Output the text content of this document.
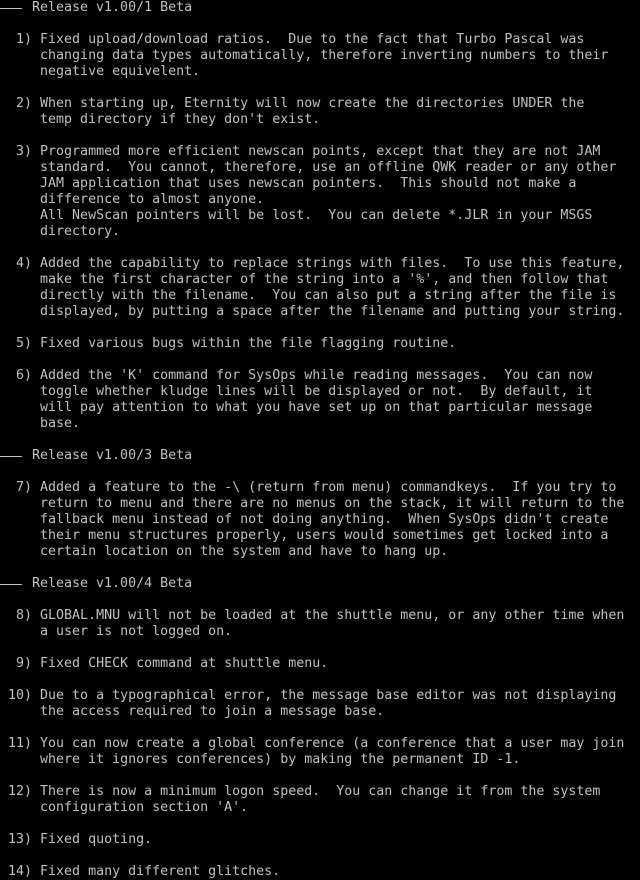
Release v1.00/1 Beta
1) Fixed upload/download ratios.  Due to the fact that Turbo Pascal was
changing data types automatically, therefore inverting numbers to their
negative equivelent.
2) When starting up, Eternity will now create the directories UNDER the
temp directory if they don't exist.
3) Programmed more efficient newscan points, except that they are not JAM
standard.  You cannot, therefore, use an offline QWK reader or any other
JAM application that uses newscan pointers.  This should not make a
difference to almost anyone.
All NewScan pointers will be lost.  You can delete *.JLR in your MSGS
directory.
4) Added the capability to replace strings with files.  To use this feature,
make the first character of the string into a '%', and then follow that
directly with the filename.  You can also put a string after the file is
displayed, by putting a space after the filename and putting your string.
5) Fixed various bugs within the file flagging routine.
6) Added the 'K' command for SysOps while reading messages.  You can now
toggle whether kludge lines will be displayed or not.  By default, it
will pay attention to what you have set up on that particular message
base.
Release v1.00/3 Beta
7) Added a feature to the -\ (return from menu) commandkeys.  If you try to
return to menu and there are no menus on the stack, it will return to the
fallback menu instead of not doing anything.  When SysOps didn't create
their menu structures properly, users would sometimes get locked into a
certain location on the system and have to hang up.
Release v1.00/4 Beta
8) GLOBAL.MNU will not be loaded at the shuttle menu, or any other time when
a user is not logged on.
9) Fixed CHECK command at shuttle menu.
10) Due to a typographical error, the message base editor was not displaying
the access required to join a message base.
11) You can now create a global conference (a conference that a user may join
where it ignores conferences) by making the permanent ID -1.
12) There is now a minimum logon speed.  You can change it from the system
configuration section 'A'.
13) Fixed quoting.
14) Fixed many different glitches.
